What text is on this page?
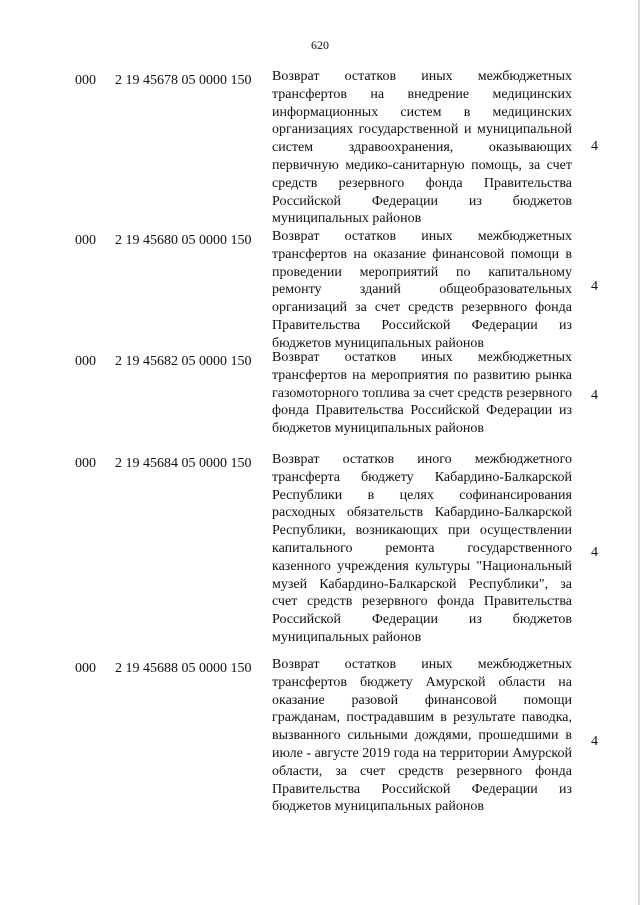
620
000 2 19 45678 05 0000 150 Возврат остатков иных межбюджетных трансфертов на внедрение медицинских информационных систем в медицинских организациях государственной и муниципальной систем здравоохранения, оказывающих первичную медико-санитарную помощь, за счет средств резервного фонда Правительства Российской Федерации из бюджетов муниципальных районов
4
000 2 19 45680 05 0000 150 Возврат остатков иных межбюджетных трансфертов на оказание финансовой помощи в проведении мероприятий по капитальному ремонту зданий общеобразовательных организаций за счет средств резервного фонда Правительства Российской Федерации из бюджетов муниципальных районов
4
000 2 19 45682 05 0000 150 Возврат остатков иных межбюджетных трансфертов на мероприятия по развитию рынка газомоторного топлива за счет средств резервного фонда Правительства Российской Федерации из бюджетов муниципальных районов
4
000 2 19 45684 05 0000 150 Возврат остатков иного межбюджетного трансферта бюджету Кабардино-Балкарской Республики в целях софинансирования расходных обязательств Кабардино-Балкарской Республики, возникающих при осуществлении капитального ремонта государственного казенного учреждения культуры "Национальный музей Кабардино-Балкарской Республики", за счет средств резервного фонда Правительства Российской Федерации из бюджетов муниципальных районов
4
000 2 19 45688 05 0000 150 Возврат остатков иных межбюджетных трансфертов бюджету Амурской области на оказание разовой финансовой помощи гражданам, пострадавшим в результате паводка, вызванного сильными дождями, прошедшими в июле - августе 2019 года на территории Амурской области, за счет средств резервного фонда Правительства Российской Федерации из бюджетов муниципальных районов
4
